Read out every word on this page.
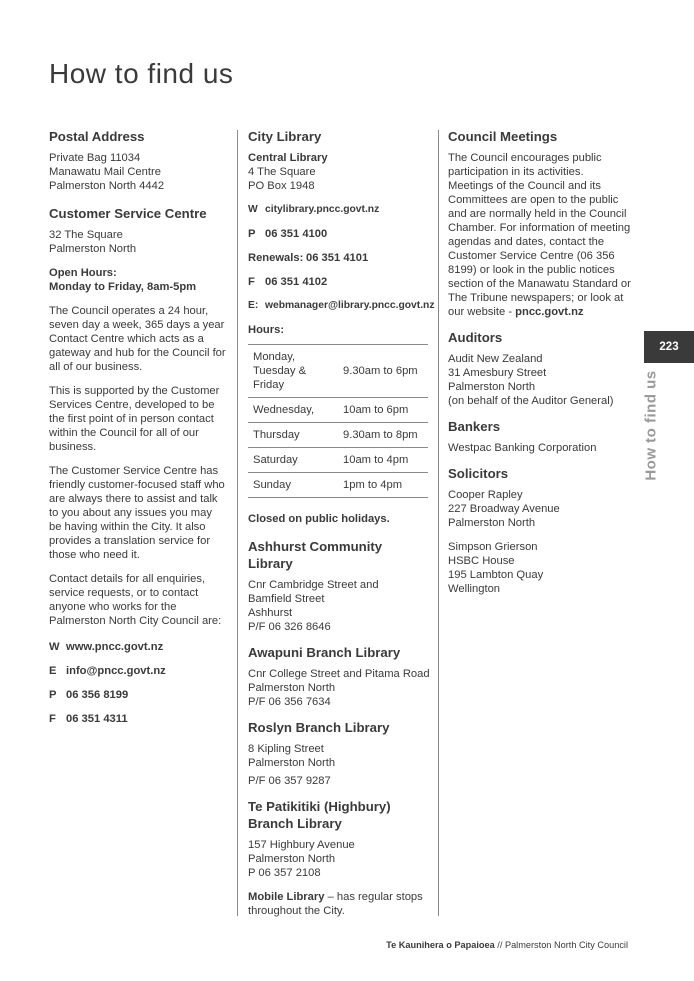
How to find us
Postal Address
Private Bag 11034
Manawatu Mail Centre
Palmerston North 4442
Customer Service Centre
32 The Square
Palmerston North
Open Hours:
Monday to Friday, 8am-5pm

The Council operates a 24 hour, seven day a week, 365 days a year Contact Centre which acts as a gateway and hub for the Council for all of our business.

This is supported by the Customer Services Centre, developed to be the first point of in person contact within the Council for all of our business.

The Customer Service Centre has friendly customer-focused staff who are always there to assist and talk to you about any issues you may be having within the City. It also provides a translation service for those who need it.

Contact details for all enquiries, service requests, or to contact anyone who works for the Palmerston North City Council are:

W www.pncc.govt.nz
E info@pncc.govt.nz
P 06 356 8199
F 06 351 4311
City Library
Central Library
4 The Square
PO Box 1948
W citylibrary.pncc.govt.nz
P 06 351 4100
Renewals: 06 351 4101
F 06 351 4102
E: webmanager@library.pncc.govt.nz

Hours:

Monday, Tuesday & Friday	9.30am to 6pm
Wednesday,	10am to 6pm
Thursday	9.30am to 8pm
Saturday	10am to 4pm
Sunday	1pm to 4pm

Closed on public holidays.

Ashhurst Community Library
Cnr Cambridge Street and
Bamfield Street
Ashhurst
P/F 06 326 8646
Awapuni Branch Library
Cnr College Street and Pitama Road
Palmerston North
P/F 06 356 7634
Roslyn Branch Library
8 Kipling Street
Palmerston North

P/F 06 357 9287

Te Patikitiki (Highbury) Branch Library
157 Highbury Avenue
Palmerston North
P 06 357 2108

Mobile Library – has regular stops throughout the City.

Council Meetings

The Council encourages public participation in its activities. Meetings of the Council and its Committees are open to the public and are normally held in the Council Chamber. For information of meeting agendas and dates, contact the Customer Service Centre (06 356 8199) or look in the public notices section of the Manawatu Standard or The Tribune newspapers; or look at our website - pncc.govt.nz

Auditors
Audit New Zealand
31 Amesbury Street
Palmerston North
(on behalf of the Auditor General)
Bankers
Westpac Banking Corporation
Solicitors
Cooper Rapley
227 Broadway Avenue
Palmerston North
Simpson Grierson
HSBC House
195 Lambton Quay
Wellington
223
How to find us
Te Kaunihera o Papaioea // Palmerston North City Council
